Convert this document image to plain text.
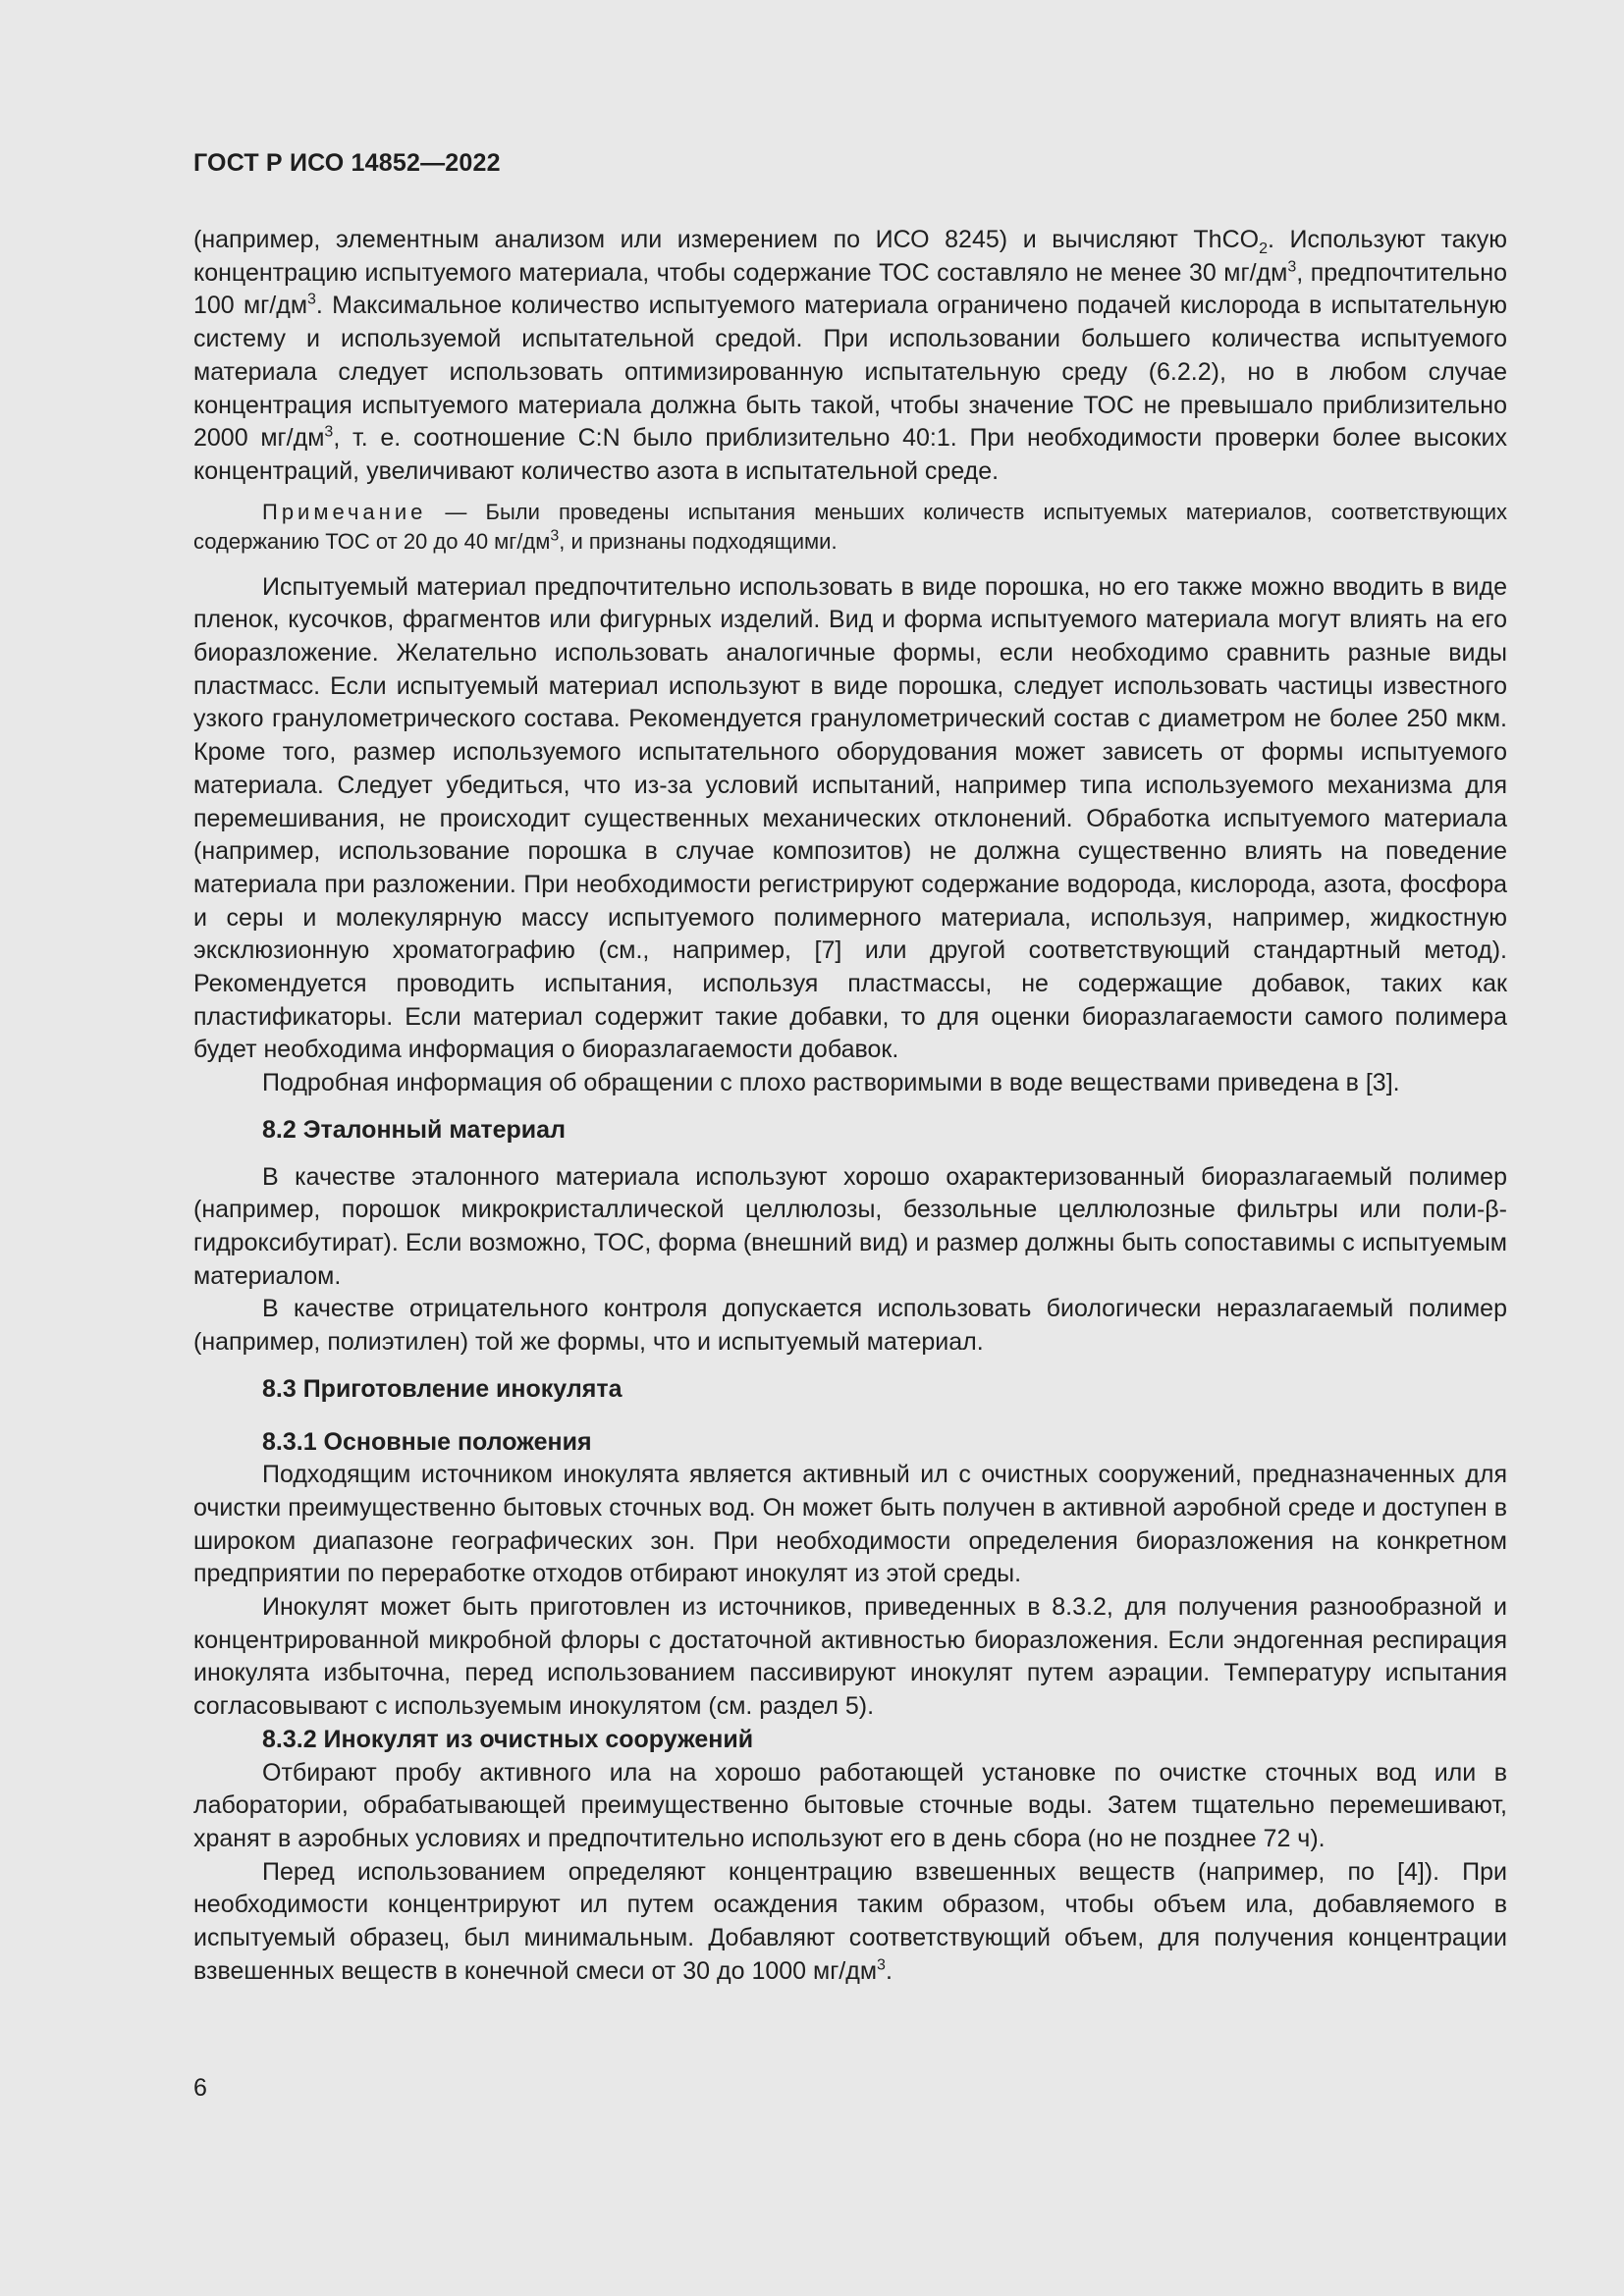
ГОСТ Р ИСО 14852—2022

(например, элементным анализом или измерением по ИСО 8245) и вычисляют ThCO$_2$. Используют такую концентрацию испытуемого материала, чтобы содержание ТОС составляло не менее 30 $мг/дм^3$, предпочтительно 100 $мг/дм^3$. Максимальное количество испытуемого материала ограничено подачей кислорода в испытательную систему и используемой испытательной средой. При использовании большего количества испытуемого материала следует использовать оптимизированную испытательную среду (6.2.2), но в любом случае концентрация испытуемого материала должна быть такой, чтобы значение ТОС не превышало приблизительно 2000 $мг/дм^3$, т. е. соотношение C:N было приблизительно 40:1. При необходимости проверки более высоких концентраций, увеличивают количество азота в испытательной среде.

Примечание — Были проведены испытания меньших количеств испытуемых материалов, соответствующих содержанию ТОС от 20 до 40 $мг/дм^3$, и признаны подходящими.

Испытуемый материал предпочтительно использовать в виде порошка, но его также можно вводить в виде пленок, кусочков, фрагментов или фигурных изделий. Вид и форма испытуемого материала могут влиять на его биоразложение. Желательно использовать аналогичные формы, если необходимо сравнить разные виды пластмасс. Если испытуемый материал используют в виде порошка, следует использовать частицы известного узкого гранулометрического состава. Рекомендуется гранулометрический состав с диаметром не более 250 мкм. Кроме того, размер используемого испытательного оборудования может зависеть от формы испытуемого материала. Следует убедиться, что из-за условий испытаний, например типа используемого механизма для перемешивания, не происходит существенных механических отклонений. Обработка испытуемого материала (например, использование порошка в случае композитов) не должна существенно влиять на поведение материала при разложении. При необходимости регистрируют содержание водорода, кислорода, азота, фосфора и серы и молекулярную массу испытуемого полимерного материала, используя, например, жидкостную эксклюзионную хроматографию (см., например, [7] или другой соответствующий стандартный метод). Рекомендуется проводить испытания, используя пластмассы, не содержащие добавок, таких как пластификаторы. Если материал содержит такие добавки, то для оценки биоразлагаемости самого полимера будет необходима информация о биоразлагаемости добавок.

Подробная информация об обращении с плохо растворимыми в воде веществами приведена в [3].

8.2 Эталонный материал

В качестве эталонного материала используют хорошо охарактеризованный биоразлагаемый полимер (например, порошок микрокристаллической целлюлозы, беззольные целлюлозные фильтры или поли-β-гидроксибутират). Если возможно, ТОС, форма (внешний вид) и размер должны быть сопоставимы с испытуемым материалом.

В качестве отрицательного контроля допускается использовать биологически неразлагаемый полимер (например, полиэтилен) той же формы, что и испытуемый материал.

8.3 Приготовление инокулята

8.3.1 Основные положения

Подходящим источником инокулята является активный ил с очистных сооружений, предназначенных для очистки преимущественно бытовых сточных вод. Он может быть получен в активной аэробной среде и доступен в широком диапазоне географических зон. При необходимости определения биоразложения на конкретном предприятии по переработке отходов отбирают инокулят из этой среды.

Инокулят может быть приготовлен из источников, приведенных в 8.3.2, для получения разнообразной и концентрированной микробной флоры с достаточной активностью биоразложения. Если эндогенная респирация инокулята избыточна, перед использованием пассивируют инокулят путем аэрации. Температуру испытания согласовывают с используемым инокулятом (см. раздел 5).

8.3.2 Инокулят из очистных сооружений

Отбирают пробу активного ила на хорошо работающей установке по очистке сточных вод или в лаборатории, обрабатывающей преимущественно бытовые сточные воды. Затем тщательно перемешивают, хранят в аэробных условиях и предпочтительно используют его в день сбора (но не позднее 72 ч).

Перед использованием определяют концентрацию взвешенных веществ (например, по [4]). При необходимости концентрируют ил путем осаждения таким образом, чтобы объем ила, добавляемого в испытуемый образец, был минимальным. Добавляют соответствующий объем, для получения концентрации взвешенных веществ в конечной смеси от 30 до 1000 $мг/дм^3$.

6
